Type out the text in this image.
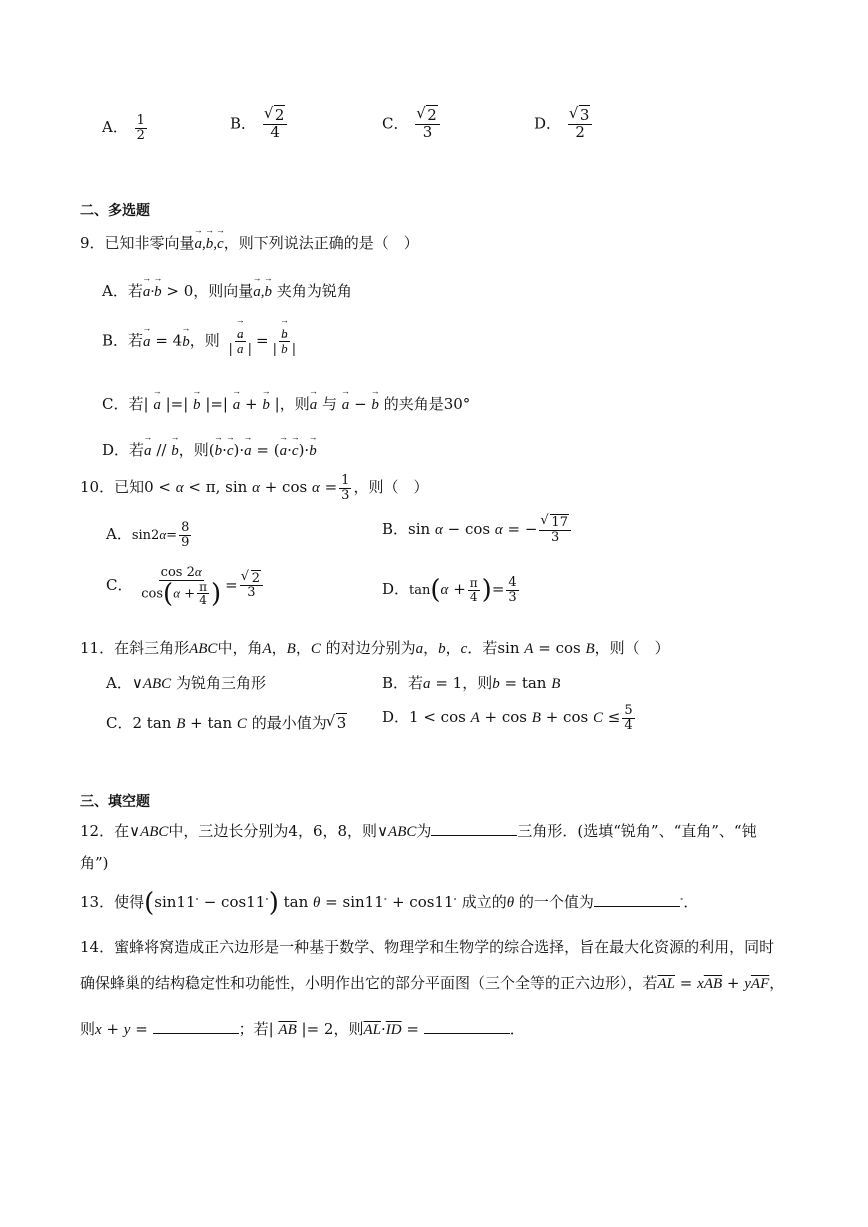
A． $\frac{1}{2}$	B． √ $\frac{2}{4}$	C． √ $\frac{2}{3}$	D． √ $\frac{3}{2}$
二、多选题
9．已知非零向量→ a,→ b,→ c，则下列说法正确的是（　）
A．若→ a·→ b > 0，则向量→ a,→ b 夹角为锐角
B．若→ a = 4→ b，则 → $\frac{a}{| \to a |}$ = → $\frac{b}{| \to b |}$
C．若| → a |=| → b |=| → a + → b |，则→ a 与 → a − → b 的夹角是30°
D．若→ a // → b，则(→ b·→ c)·→ a = (→ a·→ c)·→ b
10．已知0 < α < π, $\sin \alpha + \cos \alpha = \frac{1}{3}$ ，则（　）
A．$\sin 2\alpha= \frac{8}{9}$	B．sin α − cos α = − √ $\frac{17}{3}$
C． $\frac{\cos 2\alpha}{\cos(\alpha + \frac{\pi}{4} )}$ = √ $\frac{2}{3}$	D．$\tan(\alpha + \frac{\pi}{4}$ )= $\frac{4}{3}$
11．在斜三角形ABC中，角A，B，C 的对边分别为a，b，c．若sin A = cos B，则（　）
A．∨ABC 为锐角三角形	B．若a = 1，则b = tan B
C．2 tan B + tan C 的最小值为 √ 3 D．$1 < \cos A + \cos B + \cos C \le \frac{5}{4}$
三、填空题
12．在∨ABC中，三边长分别为4，6，8，则∨ABC为	三角形．(选填“锐角”、“直角”、“钝
角”)
13．使得(sin11∘ − cos11∘) tan θ = sin11∘ + cos11∘ 成立的θ 的一个值为	∘．
14．蜜蜂将窝造成正六边形是一种基于数学、物理学和生物学的综合选择，旨在最大化资源的利用，同时
确保蜂巢的结构稳定性和功能性，小明作出它的部分平面图（三个全等的正六边形），若$\overline{AL} = x\overline{AB} + y\overline{AF}$，
则x + y =	；若| $\overline{AB}$ |= 2，则$\overline{AL}\cdot\overline{ID}$ =	．
